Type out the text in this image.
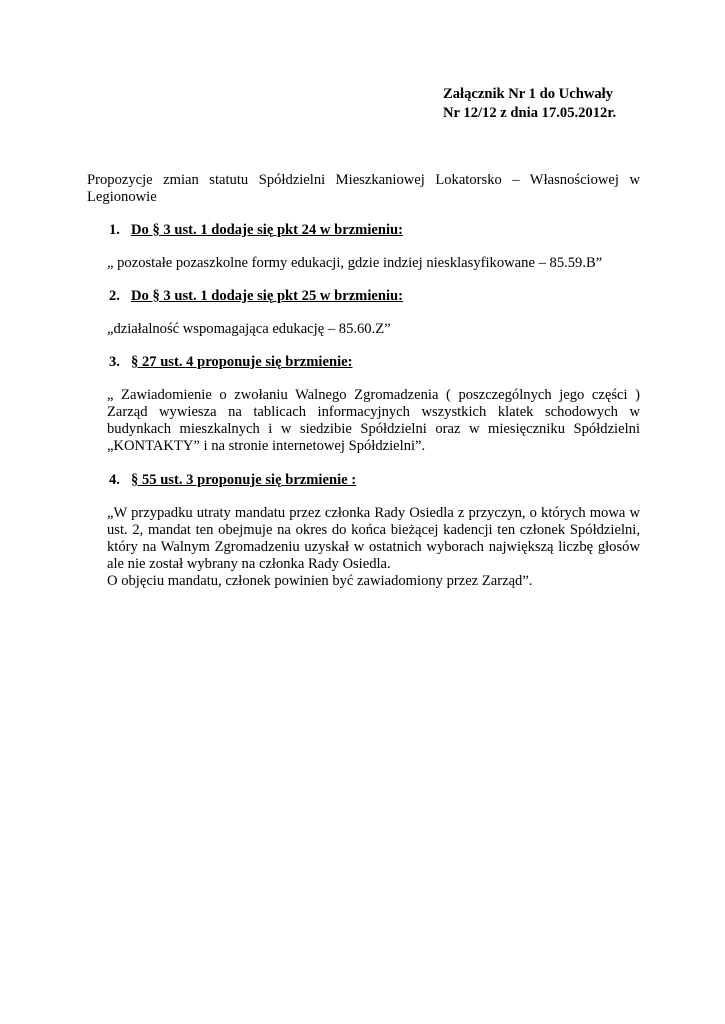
Załącznik Nr 1 do Uchwały
Nr 12/12 z dnia 17.05.2012r.
Propozycje zmian statutu Spółdzielni Mieszkaniowej Lokatorsko – Własnościowej w Legionowie
1. Do § 3 ust. 1 dodaje się pkt 24 w brzmieniu:

„ pozostałe pozaszkolne formy edukacji, gdzie indziej niesklasyfikowane – 85.59.B”

2. Do § 3 ust. 1 dodaje się pkt 25 w brzmieniu:

„działalność wspomagająca edukację – 85.60.Z”

3. § 27 ust. 4 proponuje się brzmienie:

„ Zawiadomienie o zwołaniu Walnego Zgromadzenia ( poszczególnych jego części ) Zarząd wywiesza na tablicach informacyjnych wszystkich klatek schodowych w budynkach mieszkalnych i w siedzibie Spółdzielni oraz w miesięczniku Spółdzielni „KONTAKTY” i na stronie internetowej Spółdzielni”.

4. § 55 ust. 3 proponuje się brzmienie :

„W przypadku utraty mandatu przez członka Rady Osiedla z przyczyn, o których mowa w ust. 2, mandat ten obejmuje na okres do końca bieżącej kadencji ten członek Spółdzielni, który na Walnym Zgromadzeniu uzyskał w ostatnich wyborach największą liczbę głosów ale nie został wybrany na członka Rady Osiedla.

O objęciu mandatu, członek powinien być zawiadomiony przez Zarząd”.
